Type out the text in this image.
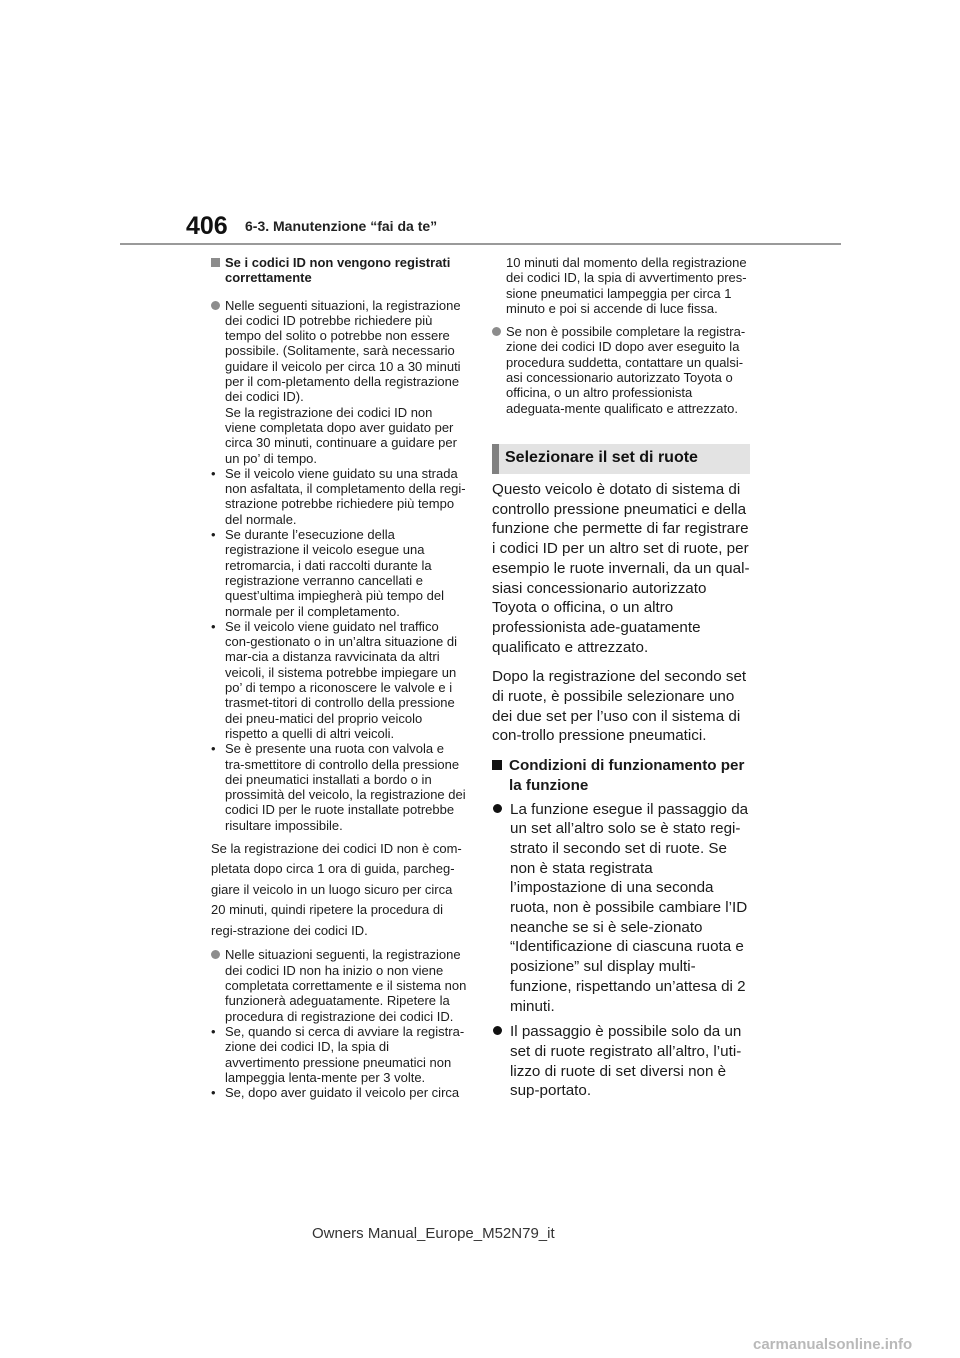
406 6-3. Manutenzione “fai da te”
Se i codici ID non vengono registrati correttamente
Nelle seguenti situazioni, la registrazione dei codici ID potrebbe richiedere più tempo del solito o potrebbe non essere possibile. (Solitamente, sarà necessario guidare il veicolo per circa 10 a 30 minuti per il com-pletamento della registrazione dei codici ID).
Se la registrazione dei codici ID non viene completata dopo aver guidato per circa 30 minuti, continuare a guidare per un po’ di tempo.
• Se il veicolo viene guidato su una strada non asfaltata, il completamento della regi-strazione potrebbe richiedere più tempo del normale.
• Se durante l’esecuzione della registrazione il veicolo esegue una retromarcia, i dati raccolti durante la registrazione verranno cancellati e quest’ultima impiegherà più tempo del normale per il completamento.
• Se il veicolo viene guidato nel traffico con-gestionato o in un’altra situazione di mar-cia a distanza ravvicinata da altri veicoli, il sistema potrebbe impiegare un po’ di tempo a riconoscere le valvole e i trasmet-titori di controllo della pressione dei pneu-matici del proprio veicolo rispetto a quelli di altri veicoli.
• Se è presente una ruota con valvola e tra-smettitore di controllo della pressione dei pneumatici installati a bordo o in prossimità del veicolo, la registrazione dei codici ID per le ruote installate potrebbe risultare impossibile.
Se la registrazione dei codici ID non è com-pletata dopo circa 1 ora di guida, parcheg-giare il veicolo in un luogo sicuro per circa 20 minuti, quindi ripetere la procedura di regi-strazione dei codici ID.
Nelle situazioni seguenti, la registrazione dei codici ID non ha inizio o non viene completata correttamente e il sistema non funzionerà adeguatamente. Ripetere la procedura di registrazione dei codici ID.
• Se, quando si cerca di avviare la registra-zione dei codici ID, la spia di avvertimento pressione pneumatici non lampeggia lenta-mente per 3 volte.
• Se, dopo aver guidato il veicolo per circa
10 minuti dal momento della registrazione dei codici ID, la spia di avvertimento pres-sione pneumatici lampeggia per circa 1 minuto e poi si accende di luce fissa.
Se non è possibile completare la registra-zione dei codici ID dopo aver eseguito la procedura suddetta, contattare un qualsi-asi concessionario autorizzato Toyota o officina, o un altro professionista adeguata-mente qualificato e attrezzato.
Selezionare il set di ruote
Questo veicolo è dotato di sistema di controllo pressione pneumatici e della funzione che permette di far registrare i codici ID per un altro set di ruote, per esempio le ruote invernali, da un qual-siasi concessionario autorizzato Toyota o officina, o un altro professionista ade-guatamente qualificato e attrezzato.
Dopo la registrazione del secondo set di ruote, è possibile selezionare uno dei due set per l’uso con il sistema di con-trollo pressione pneumatici.
Condizioni di funzionamento per la funzione
La funzione esegue il passaggio da un set all’altro solo se è stato regi-strato il secondo set di ruote. Se non è stata registrata l’impostazione di una seconda ruota, non è possibile cambiare l’ID neanche se si è sele-zionato “Identificazione di ciascuna ruota e posizione” sul display multi-funzione, rispettando un’attesa di 2 minuti.
Il passaggio è possibile solo da un set di ruote registrato all’altro, l’uti-lizzo di ruote di set diversi non è sup-portato.
Owners Manual_Europe_M52N79_it
carmanualsonline.info
